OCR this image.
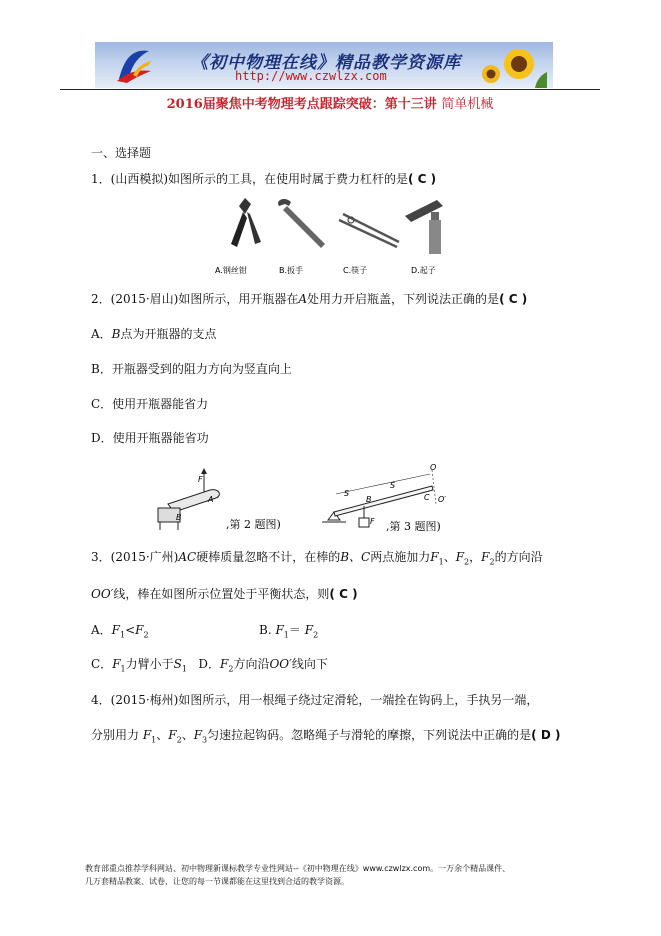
《初中物理在线》精品教学资源库
http://www.czwlzx.com
2016届聚焦中考物理考点跟踪突破：第十三讲 简单机械
一、选择题
1．(山西模拟)如图所示的工具，在使用时属于费力杠杆的是( C )
A.钢丝钳	B.扳手	C.筷子	D.起子
2．(2015·眉山)如图所示，用开瓶器在A处用力开启瓶盖，下列说法正确的是( C )
A．B点为开瓶器的支点
B．开瓶器受到的阻力方向为竖直向上
C．使用开瓶器能省力
D．使用开瓶器能省功
F
A
B
,第 2 题图)
S
S
B	C
O
O′
F ,第 3 题图)
3．(2015·广州)AC硬棒质量忽略不计，在棒的B、C两点施加力$F_1$、$F_2$，$F_2$的方向沿
OO′线，棒在如图所示位置处于平衡状态，则( C )
A．$F_1<F_2$	B. $F_1= F_2$
C．$F_1$力臂小于$S_1$ D．$F_2$方向沿OO′线向下
4．(2015·梅州)如图所示，用一根绳子绕过定滑轮，一端拴在钩码上，手执另一端，
分别用力 $F_1$、$F_2$、$F_3$匀速拉起钩码。忽略绳子与滑轮的摩擦，下列说法中正确的是( D )
教育部重点推荐学科网站、初中物理新课标教学专业性网站--《初中物理在线》www.czwlzx.com。一万余个精品课件、
几万套精品教案、试卷，让您的每一节课都能在这里找到合适的教学资源。
